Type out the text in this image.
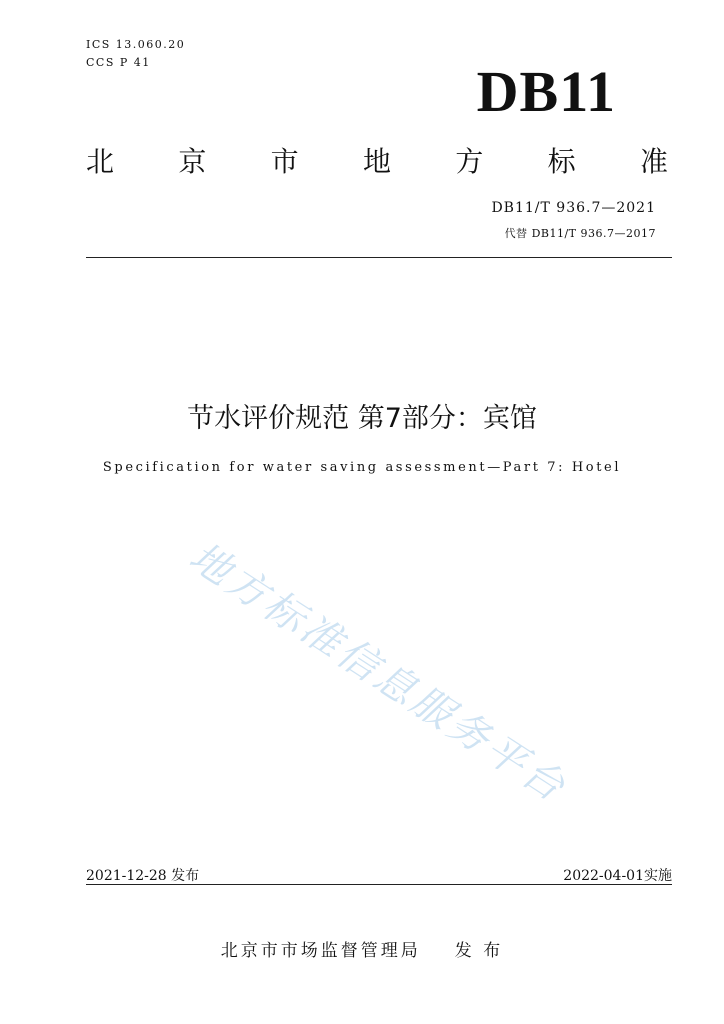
ICS 13.060.20
CCS P 41	DB11
北 京 市 地 方 标 准
DB11/T 936.7—2021
代替 DB11/T 936.7—2017
节水评价规范 第7部分：宾馆
Specification for water saving assessment—Part 7: Hotel
地方标准信息服务平台
2021-12-28 发布	2022-04-01实施
北京市市场监督管理局 发 布
